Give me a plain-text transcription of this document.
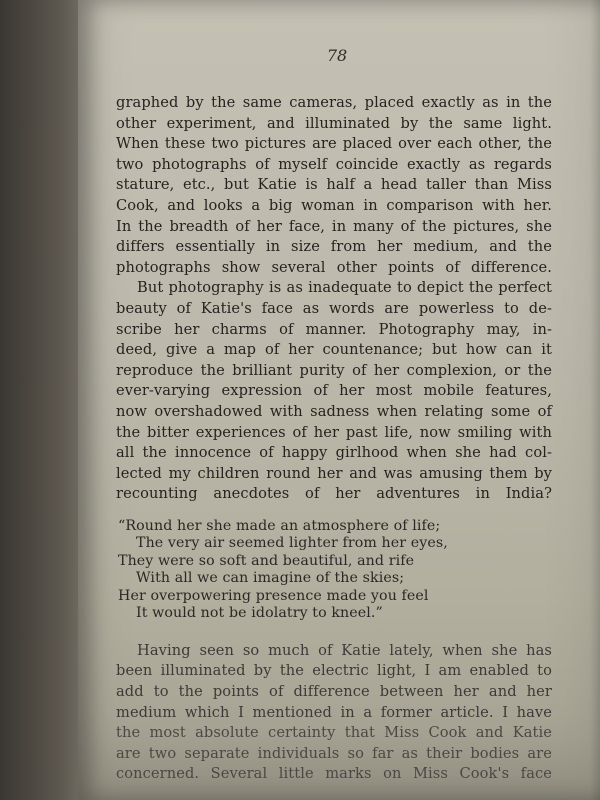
78
graphed by the same cameras, placed exactly as in the
other experiment, and illuminated by the same light.
When these two pictures are placed over each other, the
two photographs of myself coincide exactly as regards
stature, etc., but Katie is half a head taller than Miss
Cook, and looks a big woman in comparison with her.
In the breadth of her face, in many of the pictures, she
differs essentially in size from her medium, and the
photographs show several other points of difference.
But photography is as inadequate to depict the perfect
beauty of Katie's face as words are powerless to de-
scribe her charms of manner. Photography may, in-
deed, give a map of her countenance; but how can it
reproduce the brilliant purity of her complexion, or the
ever-varying expression of her most mobile features,
now overshadowed with sadness when relating some of
the bitter experiences of her past life, now smiling with
all the innocence of happy girlhood when she had col-
lected my children round her and was amusing them by
recounting anecdotes of her adventures in India?
“Round her she made an atmosphere of life;
The very air seemed lighter from her eyes,
They were so soft and beautiful, and rife
With all we can imagine of the skies;
Her overpowering presence made you feel
It would not be idolatry to kneel.”
Having seen so much of Katie lately, when she has
been illuminated by the electric light, I am enabled to
add to the points of difference between her and her
medium which I mentioned in a former article. I have
the most absolute certainty that Miss Cook and Katie
are two separate individuals so far as their bodies are
concerned. Several little marks on Miss Cook's face
